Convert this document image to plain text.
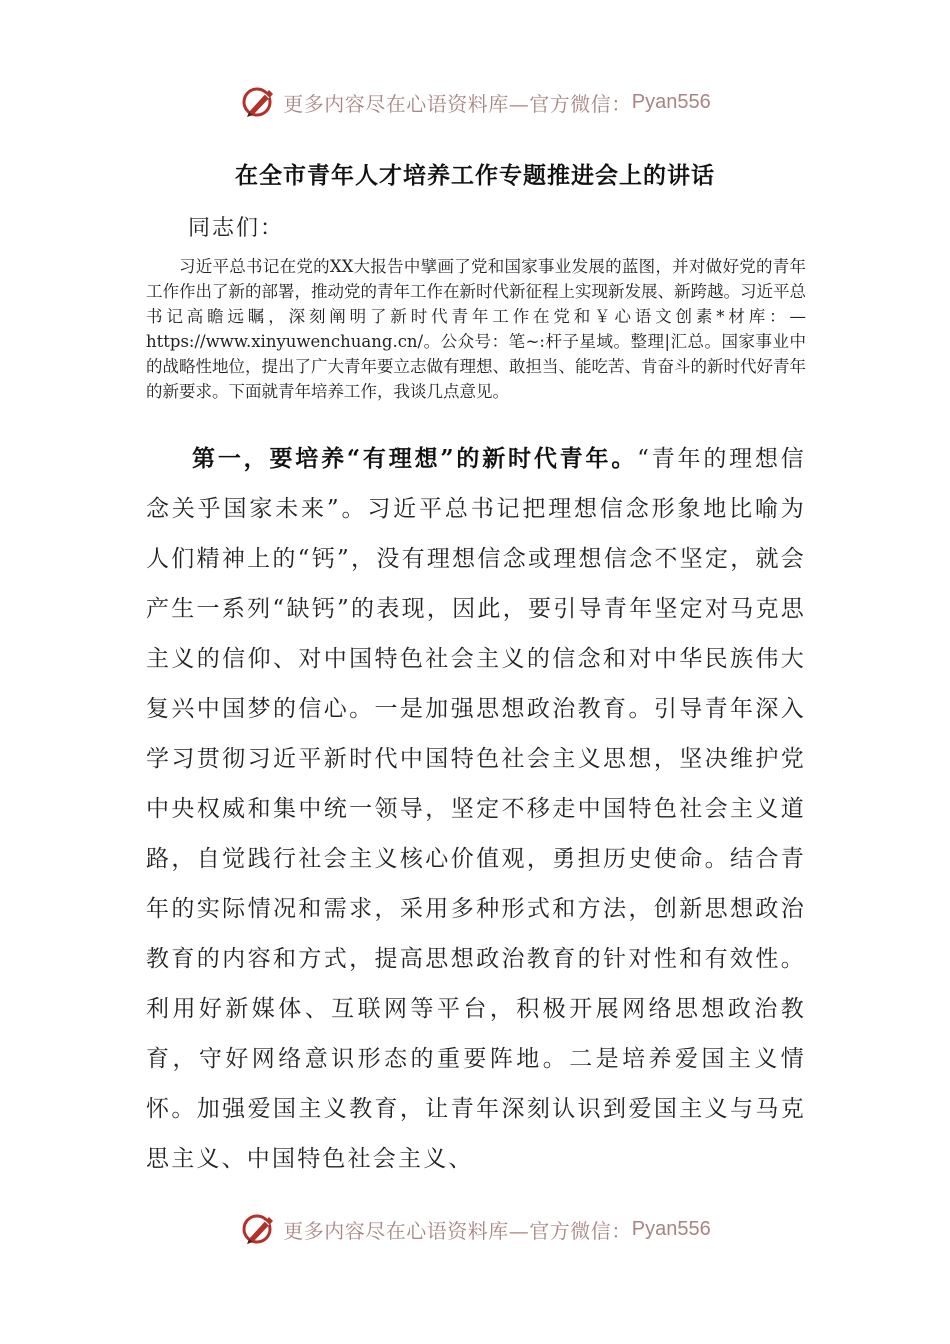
更多内容尽在心语资料库—官方微信： Pyan556
在全市青年人才培养工作专题推进会上的讲话
同志们：
习近平总书记在党的XX大报告中擘画了党和国家事业发展的蓝图，并对做好党的青年工作作出了新的部署，推动党的青年工作在新时代新征程上实现新发展、新跨越。习近平总书记高瞻远瞩，深刻阐明了新时代青年工作在党和￥心语文创素*材库：—https://www.xinyuwenchuang.cn/。公众号：笔~:杆子星域。整理|汇总。国家事业中的战略性地位，提出了广大青年要立志做有理想、敢担当、能吃苦、肯奋斗的新时代好青年的新要求。下面就青年培养工作，我谈几点意见。
第一，要培养“有理想”的新时代青年。“青年的理想信念关乎国家未来”。习近平总书记把理想信念形象地比喻为人们精神上的“钙”，没有理想信念或理想信念不坚定，就会产生一系列“缺钙”的表现，因此，要引导青年坚定对马克思主义的信仰、对中国特色社会主义的信念和对中华民族伟大复兴中国梦的信心。一是加强思想政治教育。引导青年深入学习贯彻习近平新时代中国特色社会主义思想，坚决维护党中央权威和集中统一领导，坚定不移走中国特色社会主义道路，自觉践行社会主义核心价值观，勇担历史使命。结合青年的实际情况和需求，采用多种形式和方法，创新思想政治教育的内容和方式，提高思想政治教育的针对性和有效性。利用好新媒体、互联网等平台，积极开展网络思想政治教育，守好网络意识形态的重要阵地。二是培养爱国主义情怀。加强爱国主义教育，让青年深刻认识到爱国主义与马克思主义、中国特色社会主义、
更多内容尽在心语资料库—官方微信： Pyan556
